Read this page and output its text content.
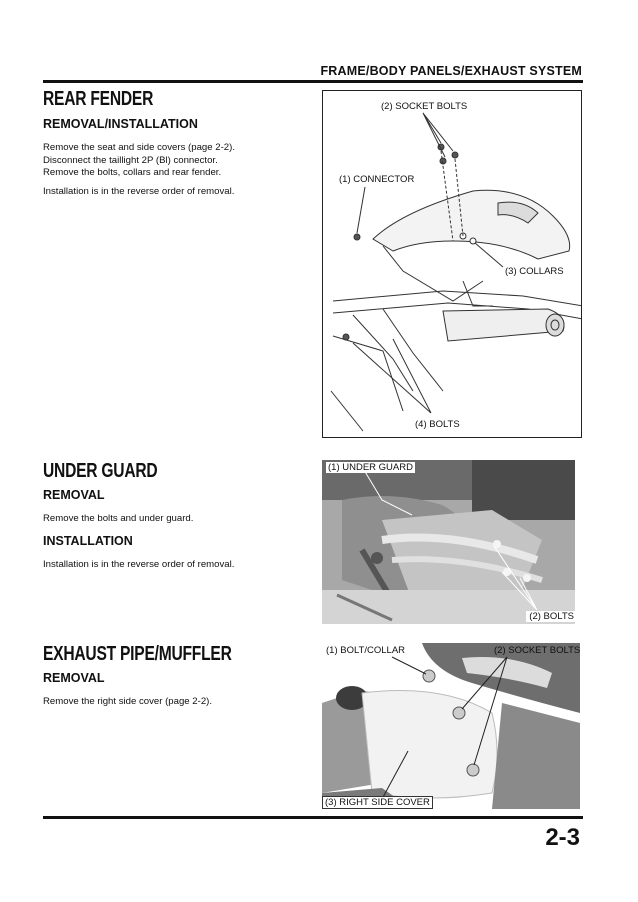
FRAME/BODY PANELS/EXHAUST SYSTEM
REAR FENDER
REMOVAL/INSTALLATION
Remove the seat and side covers (page 2-2).
Disconnect the taillight 2P (Bl) connector.
Remove the bolts, collars and rear fender.
Installation is in the reverse order of removal.
(2) SOCKET BOLTS
(1) CONNECTOR
(3) COLLARS
(4) BOLTS
UNDER GUARD
REMOVAL
Remove the bolts and under guard.
INSTALLATION
Installation is in the reverse order of removal.
(1) UNDER GUARD
(2) BOLTS
EXHAUST PIPE/MUFFLER
REMOVAL
Remove the right side cover (page 2-2).
(1) BOLT/COLLAR	(2) SOCKET BOLTS
(3) RIGHT SIDE COVER
2-3
